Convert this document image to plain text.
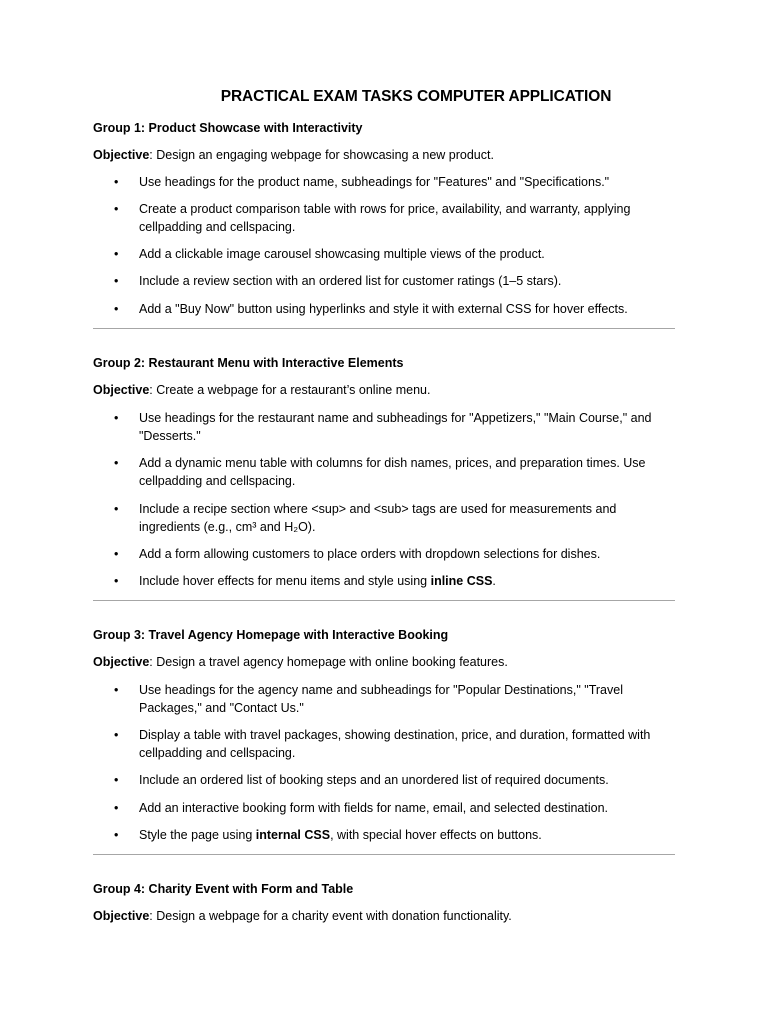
PRACTICAL EXAM TASKS COMPUTER APPLICATION
Group 1: Product Showcase with Interactivity
Objective: Design an engaging webpage for showcasing a new product.
•	Use headings for the product name, subheadings for "Features" and "Specifications."
•	Create a product comparison table with rows for price, availability, and warranty, applying cellpadding and cellspacing.
•	Add a clickable image carousel showcasing multiple views of the product.
•	Include a review section with an ordered list for customer ratings (1–5 stars).
•	Add a "Buy Now" button using hyperlinks and style it with external CSS for hover effects.
Group 2: Restaurant Menu with Interactive Elements
Objective: Create a webpage for a restaurant’s online menu.
•	Use headings for the restaurant name and subheadings for "Appetizers," "Main Course," and "Desserts."
•	Add a dynamic menu table with columns for dish names, prices, and preparation times. Use cellpadding and cellspacing.
•	Include a recipe section where <sup> and <sub> tags are used for measurements and ingredients (e.g., cm³ and H₂O).
•	Add a form allowing customers to place orders with dropdown selections for dishes.
•	Include hover effects for menu items and style using inline CSS.
Group 3: Travel Agency Homepage with Interactive Booking
Objective: Design a travel agency homepage with online booking features.
•	Use headings for the agency name and subheadings for "Popular Destinations," "Travel Packages," and "Contact Us."
•	Display a table with travel packages, showing destination, price, and duration, formatted with cellpadding and cellspacing.
•	Include an ordered list of booking steps and an unordered list of required documents.
•	Add an interactive booking form with fields for name, email, and selected destination.
•	Style the page using internal CSS, with special hover effects on buttons.
Group 4: Charity Event with Form and Table
Objective: Design a webpage for a charity event with donation functionality.
